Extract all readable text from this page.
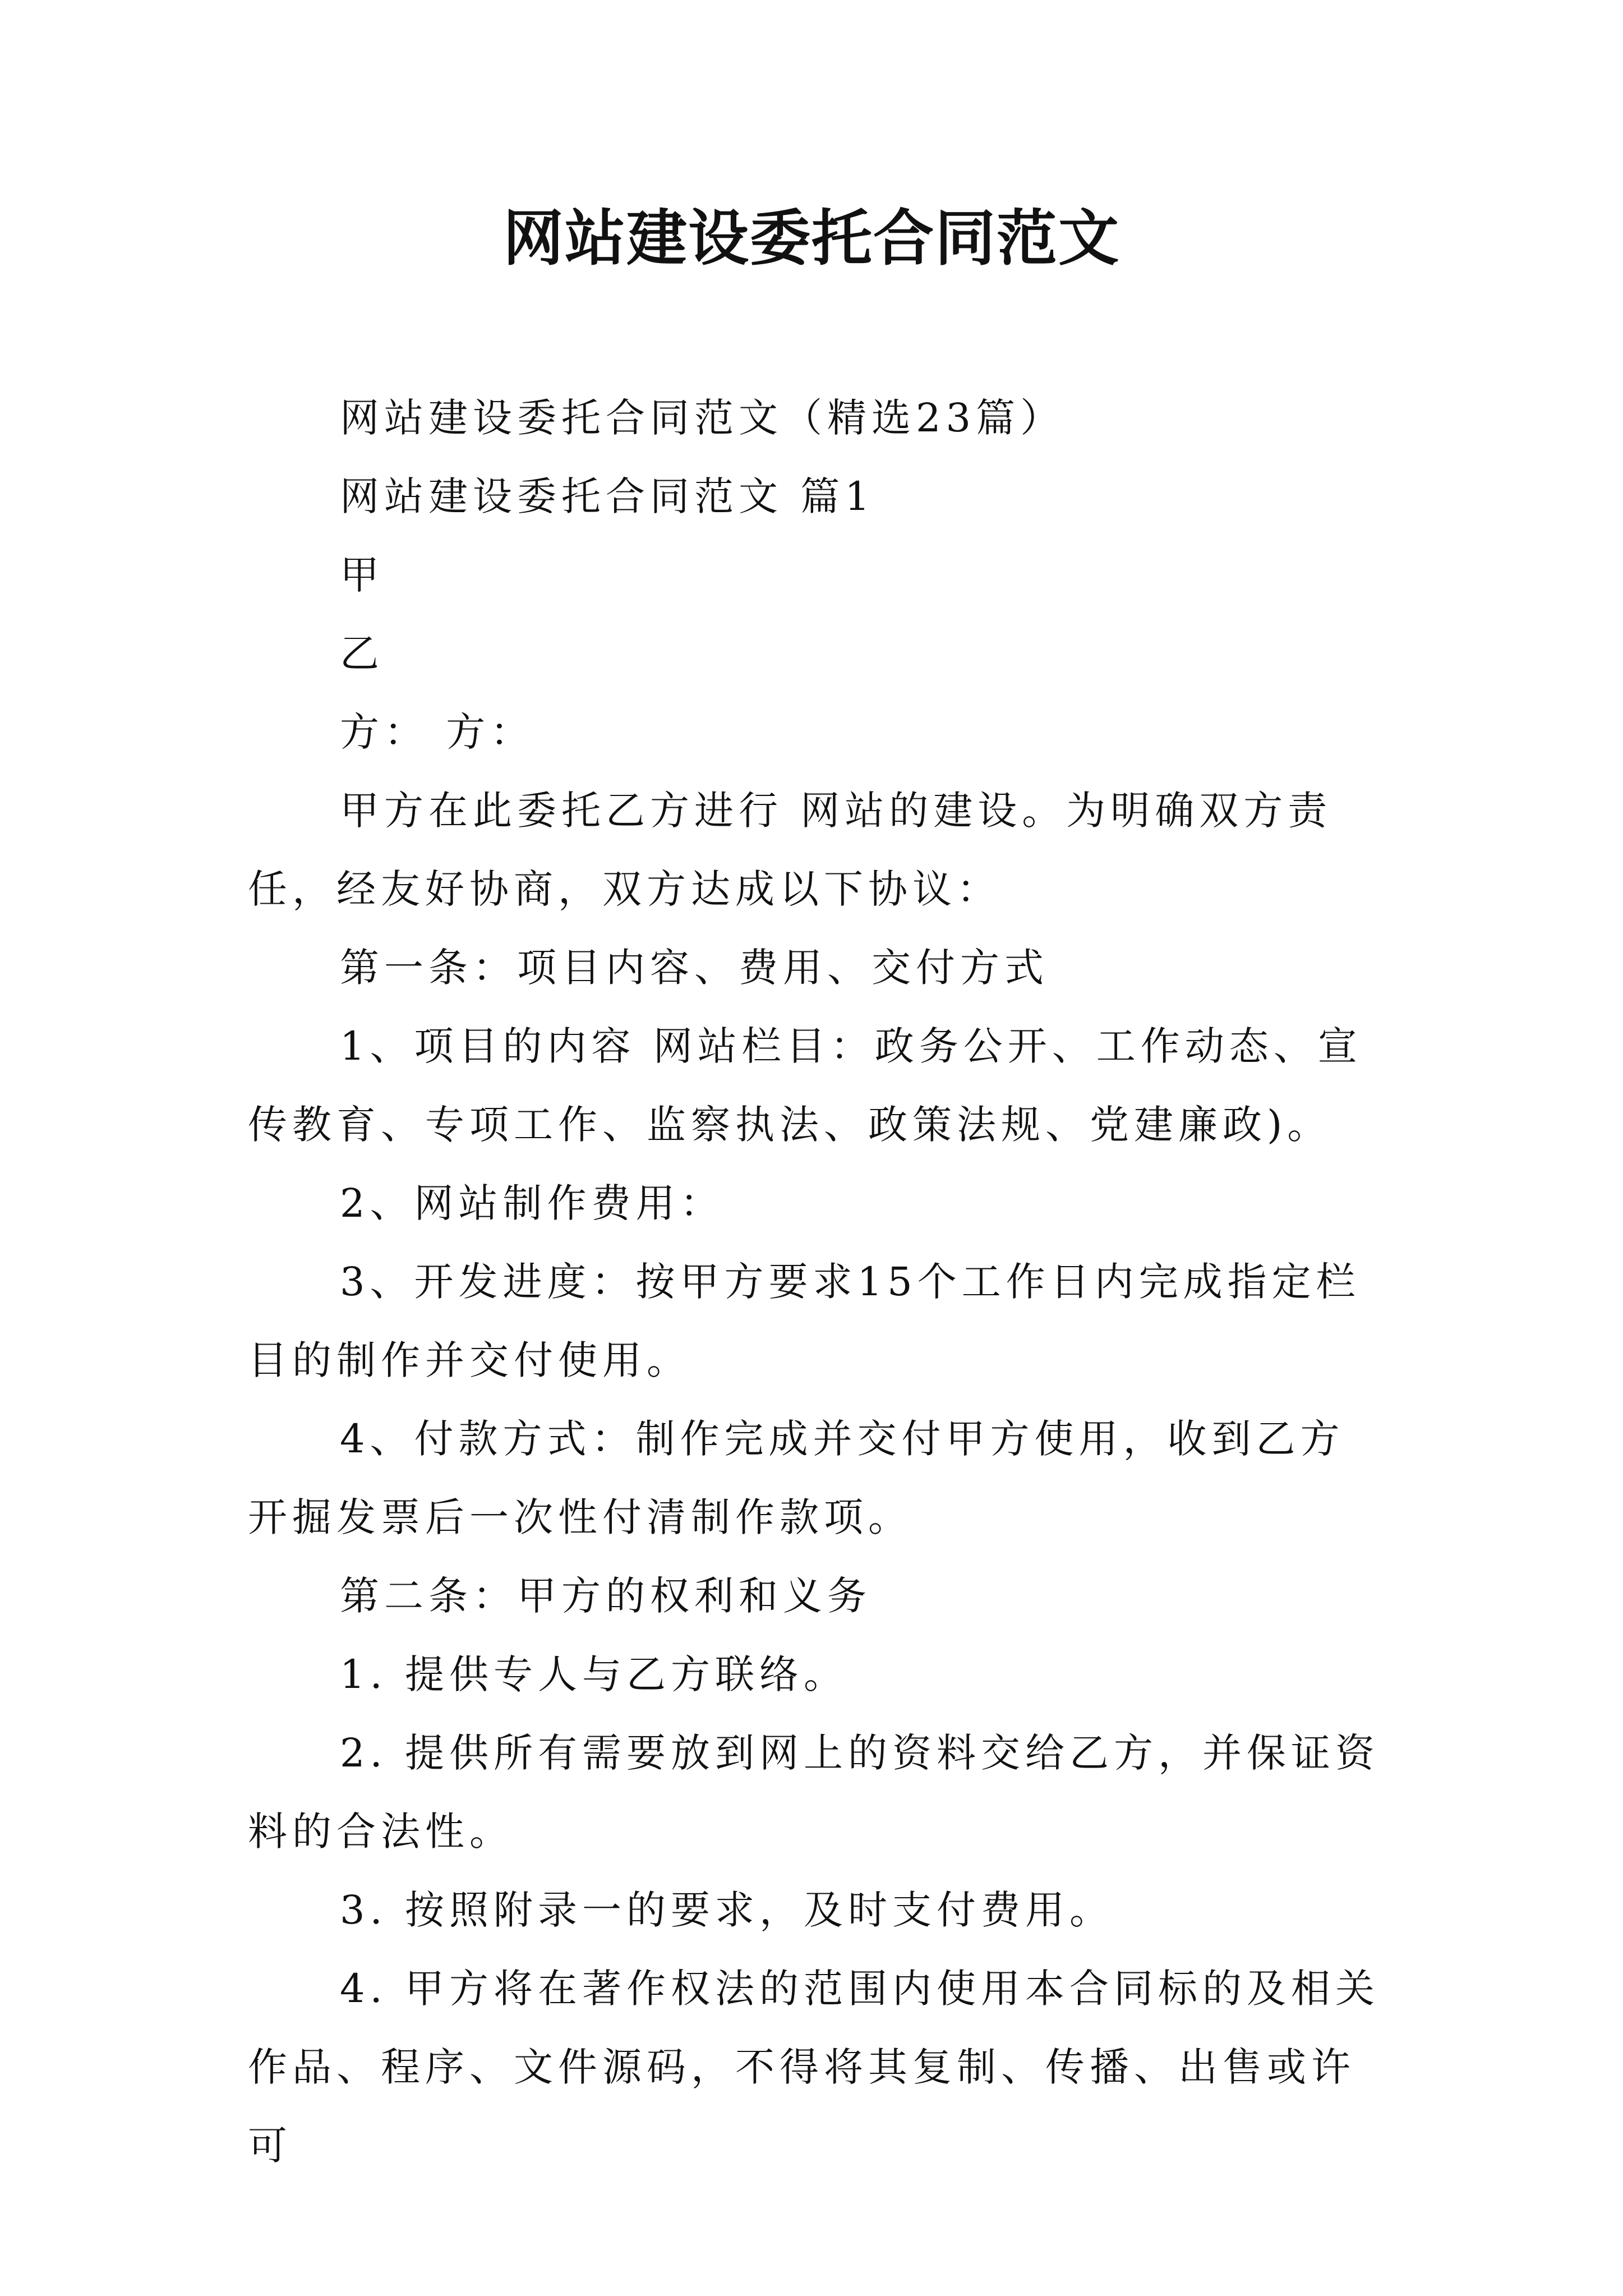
网站建设委托合同范文

网站建设委托合同范文（精选23篇）

网站建设委托合同范文 篇1

甲

乙

方： 方：

甲方在此委托乙方进行 网站的建设。为明确双方责任，经友好协商，双方达成以下协议：

第一条：项目内容、费用、交付方式

1、项目的内容 网站栏目：政务公开、工作动态、宣传教育、专项工作、监察执法、政策法规、党建廉政)。

2、网站制作费用：

3、开发进度：按甲方要求15个工作日内完成指定栏目的制作并交付使用。

4、付款方式：制作完成并交付甲方使用，收到乙方开掘发票后一次性付清制作款项。

第二条：甲方的权利和义务

1. 提供专人与乙方联络。

2. 提供所有需要放到网上的资料交给乙方，并保证资料的合法性。

3. 按照附录一的要求，及时支付费用。

4. 甲方将在著作权法的范围内使用本合同标的及相关作品、程序、文件源码，不得将其复制、传播、出售或许可
